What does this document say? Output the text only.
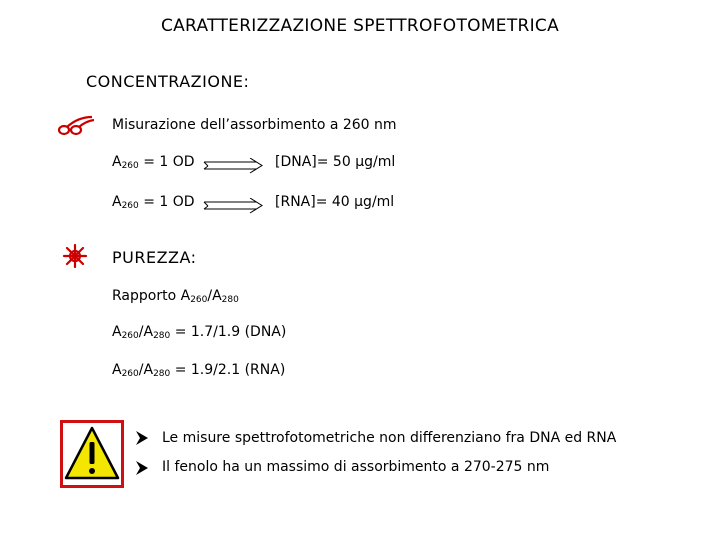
CARATTERIZZAZIONE SPETTROFOTOMETRICA
CONCENTRAZIONE:
Misurazione dell’assorbimento a 260 nm
$A_{260} = 1$ OD	[DNA]= 50 μg/ml
$A_{260} = 1$ OD	[RNA]= 40 μg/ml
PUREZZA:
Rapporto $A_{260}/A_{280}$
$A_{260}/A_{280} = 1.7/1.9$ (DNA)
$A_{260}/A_{280} = 1.9/2.1$ (RNA)
Le misure spettrofotometriche non differenziano fra DNA ed RNA
Il fenolo ha un massimo di assorbimento a 270-275 nm
